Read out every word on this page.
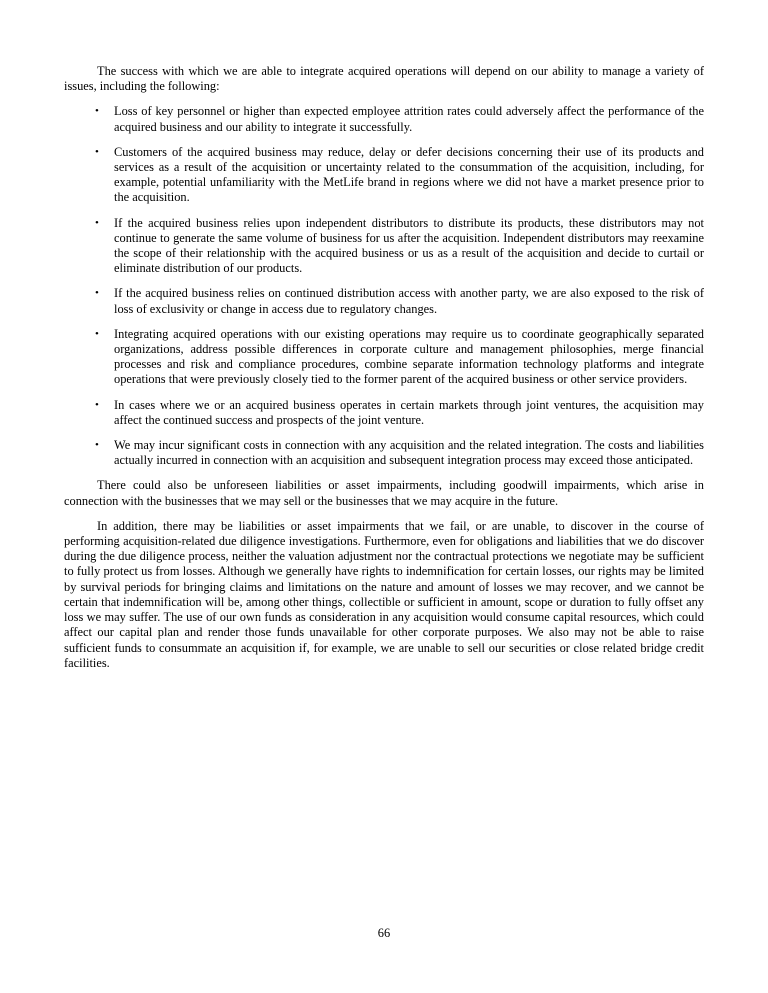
The success with which we are able to integrate acquired operations will depend on our ability to manage a variety of issues, including the following:

• Loss of key personnel or higher than expected employee attrition rates could adversely affect the performance of the acquired business and our ability to integrate it successfully.
• Customers of the acquired business may reduce, delay or defer decisions concerning their use of its products and services as a result of the acquisition or uncertainty related to the consummation of the acquisition, including, for example, potential unfamiliarity with the MetLife brand in regions where we did not have a market presence prior to the acquisition.
• If the acquired business relies upon independent distributors to distribute its products, these distributors may not continue to generate the same volume of business for us after the acquisition. Independent distributors may reexamine the scope of their relationship with the acquired business or us as a result of the acquisition and decide to curtail or eliminate distribution of our products.
• If the acquired business relies on continued distribution access with another party, we are also exposed to the risk of loss of exclusivity or change in access due to regulatory changes.
• Integrating acquired operations with our existing operations may require us to coordinate geographically separated organizations, address possible differences in corporate culture and management philosophies, merge financial processes and risk and compliance procedures, combine separate information technology platforms and integrate operations that were previously closely tied to the former parent of the acquired business or other service providers.
• In cases where we or an acquired business operates in certain markets through joint ventures, the acquisition may affect the continued success and prospects of the joint venture.
• We may incur significant costs in connection with any acquisition and the related integration. The costs and liabilities actually incurred in connection with an acquisition and subsequent integration process may exceed those anticipated.

There could also be unforeseen liabilities or asset impairments, including goodwill impairments, which arise in connection with the businesses that we may sell or the businesses that we may acquire in the future.

In addition, there may be liabilities or asset impairments that we fail, or are unable, to discover in the course of performing acquisition-related due diligence investigations. Furthermore, even for obligations and liabilities that we do discover during the due diligence process, neither the valuation adjustment nor the contractual protections we negotiate may be sufficient to fully protect us from losses. Although we generally have rights to indemnification for certain losses, our rights may be limited by survival periods for bringing claims and limitations on the nature and amount of losses we may recover, and we cannot be certain that indemnification will be, among other things, collectible or sufficient in amount, scope or duration to fully offset any loss we may suffer. The use of our own funds as consideration in any acquisition would consume capital resources, which could affect our capital plan and render those funds unavailable for other corporate purposes. We also may not be able to raise sufficient funds to consummate an acquisition if, for example, we are unable to sell our securities or close related bridge credit facilities.

66
